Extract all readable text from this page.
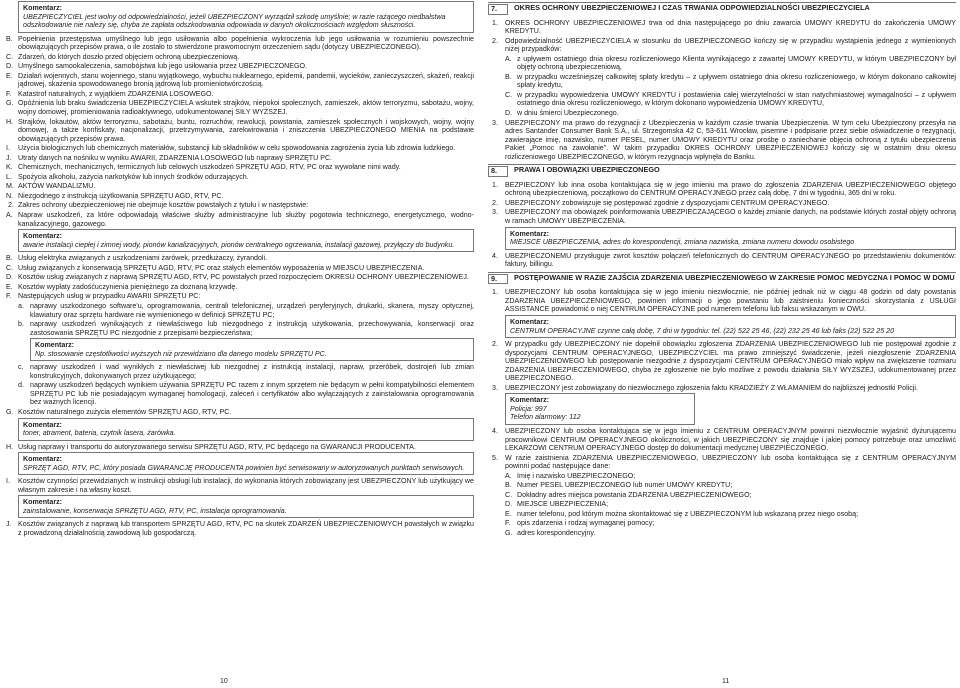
Komentarz:
UBEZPIECZYCIEL jest wolny od odpowiedzialności, jeżeli UBEZPIECZONY wyrządził szkodę umyślnie; w razie rażącego niedbalstwa odszkodowanie nie należy się, chyba że zapłata odszkodowania odpowiada w danych okolicznościach względom słuszności.
B. Popełnienia przestępstwa umyślnego lub jego usiłowania albo popełnienia wykroczenia lub jego usiłowania w rozumieniu powszechnie obowiązujących przepisów prawa, o ile zostało to stwierdzone prawomocnym orzeczeniem sądu (dotyczy UBEZPIECZONEGO).
C. Zdarzeń, do których doszło przed objęciem ochroną ubezpieczeniową.
D. Umyślnego samookaleczenia, samobójstwa lub jego usiłowania przez UBEZPIECZONEGO.
E. Działań wojennych, stanu wojennego, stanu wyjątkowego, wybuchu nuklearnego, epidemii, pandemii, wycieków, zanieczyszczeń, skażeń, reakcji jądrowej, skażenia spowodowanego bronią jądrową lub promieniotwórczością.
F. Katastrof naturalnych, z wyjątkiem ZDARZENIA LOSOWEGO.
G. Opóźnienia lub braku świadczenia UBEZPIECZYCIELA wskutek strajków, niepokoi społecznych, zamieszek, aktów terroryzmu, sabotażu, wojny, wojny domowej, promieniowania radioaktywnego, udokumentowanej SIŁY WYŻSZEJ.
H. Strajków, lokautów, aktów terroryzmu, sabotażu, buntu, rozruchów, rewolucji, powstania, zamieszek społecznych i wojskowych, wojny, wojny domowej, a także konfiskaty, nacjonalizacji, przetrzymywania, zarekwirowania i zniszczenia UBEZPIECZONEGO MIENIA na podstawie obowiązujących przepisów prawa.
I. Użycia biologicznych lub chemicznych materiałów, substancji lub składników w celu spowodowania zagrożenia życia lub zdrowia ludzkiego.
J. Utraty danych na nośniku w wyniku AWARII, ZDARZENIA LOSOWEGO lub naprawy SPRZĘTU PC.
K. Chemicznych, mechanicznych, termicznych lub celowych uszkodzeń SPRZĘTU AGD, RTV, PC oraz wywołane nimi wady.
L. Spożycia alkoholu, zażycia narkotyków lub innych środków odurzających.
M. AKTÓW WANDALIZMU.
N. Niezgodnego z instrukcją użytkowania SPRZĘTU AGD, RTV, PC.
2. Zakres ochrony ubezpieczeniowej nie obejmuje kosztów powstałych z tytułu i w następstwie:
A. Napraw uszkodzeń, za które odpowiadają właściwe służby administracyjne lub służby pogotowia technicznego, energetycznego, wodno-kanalizacyjnego, gazowego.
Komentarz:
awarie instalacji ciepłej i zimnej wody, pionów kanalizacyjnych, pionów centralnego ogrzewania, instalacji gazowej, przyłączy do budynku.
B. Usług elektryka związanych z uszkodzeniami żarówek, przedłużaczy, żyrandoli.
C. Usług związanych z konserwacją SPRZĘTU AGD, RTV, PC oraz stałych elementów wyposażenia w MIEJSCU UBEZPIECZENIA.
D. Kosztów usług związanych z naprawą SPRZĘTU AGD, RTV, PC powstałych przed rozpoczęciem OKRESU OCHRONY UBEZPIECZENIOWEJ.
E. Kosztów wypłaty zadośćuczynienia pieniężnego za doznaną krzywdę.
F. Następujących usług w przypadku AWARII SPRZĘTU PC:
a. naprawy uszkodzonego software'u, oprogramowania, centrali telefonicznej, urządzeń peryferyjnych, drukarki, skanera, myszy optycznej, klawiatury oraz sprzętu hardware nie wymienionego w definicji SPRZĘTU PC;
b. naprawy uszkodzeń wynikających z niewłaściwego lub niezgodnego z instrukcją użytkowania, przechowywania, konserwacji oraz zastosowania SPRZĘTU PC niezgodnie z przepisami bezpieczeństwa;
Komentarz:
Np. stosowanie częstotliwości wyższych niż przewidziano dla danego modelu SPRZĘTU PC.
c. naprawy uszkodzeń i wad wynikłych z niewłaściwej lub niezgodnej z instrukcją instalacji, napraw, przeróbek, dostrojeń lub zmian konstrukcyjnych, dokonywanych przez użytkującego;
d. naprawy uszkodzeń będących wynikiem używania SPRZĘTU PC razem z innym sprzętem nie będącym w pełni kompatybilności elementem SPRZĘTU PC lub nie posiadającym wymaganej homologacji, zaleceń i certyfikatów albo wyłączających z zainstalowania oprogramowania bez ważnych licencji.
G. Kosztów naturalnego zużycia elementów SPRZĘTU AGD, RTV, PC.
Komentarz:
toner, atrament, bateria, czytnik lasera, żarówka.
H. Usług naprawy i transportu do autoryzowanego serwisu SPRZĘTU AGD, RTV, PC będącego na GWARANCJI PRODUCENTA.
Komentarz:
SPRZĘT AGD, RTV, PC, który posiada GWARANCJĘ PRODUCENTA powinien być serwisowany w autoryzowanych punktach serwisowych.
I. Kosztów czynności przewidzianych w instrukcji obsługi lub instalacji, do wykonania których zobowiązany jest UBEZPIECZONY lub użytkujący we własnym zakresie i na własny koszt.
Komentarz:
zainstalowanie, konserwacja SPRZĘTU AGD, RTV, PC, instalacja oprogramowania.
J. Kosztów związanych z naprawą lub transportem SPRZĘTU AGD, RTV, PC na skutek ZDARZEŃ UBEZPIECZENIOWYCH powstałych w związku z prowadzoną działalnością zawodową lub gospodarczą.
10
7.	OKRES OCHRONY UBEZPIECZENIOWEJ I CZAS TRWANIA ODPOWIEDZIALNOŚCI UBEZPIECZYCIELA
1. OKRES OCHRONY UBEZPIECZENIOWEJ trwa od dnia następującego po dniu zawarcia UMOWY KREDYTU do zakończenia UMOWY KREDYTU.
2. Odpowiedzialność UBEZPIECZYCIELA w stosunku do UBEZPIECZONEGO kończy się w przypadku wystąpienia jednego z wymienionych niżej przypadków:
A. z upływem ostatniego dnia okresu rozliczeniowego Klienta wynikającego z zawartej UMOWY KREDYTU, w którym UBEZPIECZONY był objęty ochroną ubezpieczeniową,
B. w przypadku wcześniejszej całkowitej spłaty kredytu – z upływem ostatniego dnia okresu rozliczeniowego, w którym dokonano całkowitej spłaty kredytu,
C. w przypadku wypowiedzenia UMOWY KREDYTU i postawienia całej wierzytelności w stan natychmiastowej wymagalności – z upływem ostatniego dnia okresu rozliczeniowego, w którym dokonano wypowiedzenia UMOWY KREDYTU,
D. w dniu śmierci Ubezpieczonego.
3. UBEZPIECZONY ma prawo do rezygnacji z Ubezpieczenia w każdym czasie trwania Ubezpieczenia. W tym celu Ubezpieczony przesyła na adres Santander Consumer Bank S.A., ul. Strzegomska 42 C, 53-611 Wrocław, pisemne i podpisane przez siebie oświadczenie o rezygnacji, zawierające imię, nazwisko, numer PESEL, numer UMOWY KREDYTU oraz prośbę o zaniechanie objęcia ochroną z tytułu ubezpieczenia Pakiet „Pomoc na zawołanie”. W takim przypadku OKRES OCHRONY UBEZPIECZENIOWEJ kończy się w ostatnim dniu okresu rozliczeniowego UBEZPIECZONEGO, w którym rezygnacja wpłynęła do Banku.
8.	PRAWA I OBOWIĄZKI UBEZPIECZONEGO
1. BEZPIECZONY lub inna osoba kontaktująca się w jego imieniu ma prawo do zgłoszenia ZDARZENIA UBEZPIECZENIOWEGO objętego ochroną ubezpieczeniową, początkowo do CENTRUM OPERACYJNEGO przez całą dobę, 7 dni w tygodniu, 365 dni w roku.
2. UBEZPIECZONY zobowiązuje się postępować zgodnie z dyspozycjami CENTRUM OPERACYJNEGO.
3. UBEZPIECZONY ma obowiązek poinformowania UBEZPIECZAJĄCEGO o każdej zmianie danych, na podstawie których został objęty ochroną w ramach UMOWY UBEZPIECZENIA.
Komentarz:
MIEJSCE UBEZPIECZENIA, adres do korespondencji, zmiana nazwiska, zmiana numeru dowodu osobistego
4. UBEZPIECZONEMU przysługuje zwrot kosztów połączeń telefonicznych do CENTRUM OPERACYJNEGO po przedstawieniu dokumentów: faktury, billingu.
9.	POSTĘPOWANIE W RAZIE ZAJŚCIA ZDARZENIA UBEZPIECZENIOWEGO W ZAKRESIE POMOC MEDYCZNA I POMOC W DOMU
1. UBEZPIECZONY lub osoba kontaktująca się w jego imieniu niezwłocznie, nie później jednak niż w ciągu 48 godzin od daty powstania ZDARZENIA UBEZPIECZENIOWEGO, powinien informacji o jego powstaniu lub zaistnieniu konieczności skorzystania z USŁUGI ASSISTANCE powiadomić o niej CENTRUM OPERACYJNE pod numerem telefonu lub faksu wskazanym w OWU.
Komentarz:
CENTRUM OPERACYJNE czynne całą dobę, 7 dni w tygodniu: tel. (22) 522 25 46, (22) 232 25 46 lub faks (22) 522 25 20
2. W przypadku gdy UBEZPIECZONY nie dopełnił obowiązku zgłoszenia ZDARZENIA UBEZPIECZENIOWEGO lub nie postępował zgodnie z dyspozycjami CENTRUM OPERACYJNEGO, UBEZPIECZYCIEL ma prawo zmniejszyć świadczenie, jeżeli niezgłoszenie ZDARZENIA UBEZPIECZENIOWEGO lub postępowanie niezgodnie z dyspozycjami CENTRUM OPERACYJNEGO miało wpływ na zwiększenie rozmiaru ZDARZENIA UBEZPIECZENIOWEGO, chyba że zgłoszenie nie było możliwe z powodu działania SIŁY WYŻSZEJ, udokumentowanej przez UBEZPIECZONEGO.
3. UBEZPIECZONY jest zobowiązany do niezwłocznego zgłoszenia faktu KRADZIEŻY Z WŁAMANIEM do najbliższej jednostki Policji.
Komentarz:
Policja: 997
Telefon alarmowy: 112
4. UBEZPIECZONY lub osoba kontaktująca się w jego imieniu z CENTRUM OPERACYJNYM powinni niezwłocznie wyjaśnić dyżurującemu pracownikowi CENTRUM OPERACYJNEGO okoliczności, w jakich UBEZPIECZONY się znajduje i jakiej pomocy potrzebuje oraz umożliwić LEKARZOWI CENTRUM OPERACYJNEGO dostęp do dokumentacji medycznej UBEZPIECZONEGO.
5. W razie zaistnienia ZDARZENIA UBEZPIECZENIOWEGO, UBEZPIECZONY lub osoba kontaktująca się z CENTRUM OPERACYJNYM powinni podać następujące dane:
A. Imię i nazwisko UBEZPIECZONEGO;
B. Numer PESEL UBEZPIECZONEGO lub numer UMOWY KREDYTU;
C. Dokładny adres miejsca powstania ZDARZENIA UBEZPIECZENIOWEGO;
D. MIEJSCE UBEZPIECZENIA;
E. numer telefonu, pod którym można skontaktować się z UBEZPIECZONYM lub wskazaną przez niego osobą;
F. opis zdarzenia i rodzaj wymaganej pomocy;
G. adres korespondencyjny.
11
